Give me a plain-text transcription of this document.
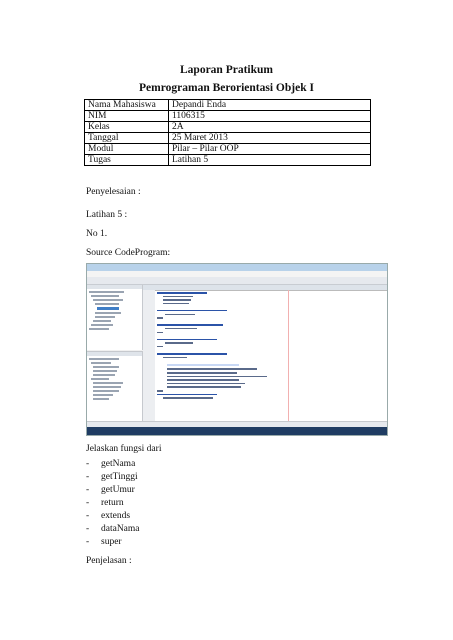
Laporan Pratikum
Pemrograman Berorientasi Objek I
Nama Mahasiswa	Depandi Enda
NIM	1106315
Kelas	2A
Tanggal	25 Maret 2013
Modul	Pilar – Pilar OOP
Tugas	Latihan 5
Penyelesaian :
Latihan 5 :
No 1.
Source CodeProgram:
Jelaskan fungsi dari
- getNama
- getTinggi
- getUmur
- return
- extends
- dataNama
- super
Penjelasan :
